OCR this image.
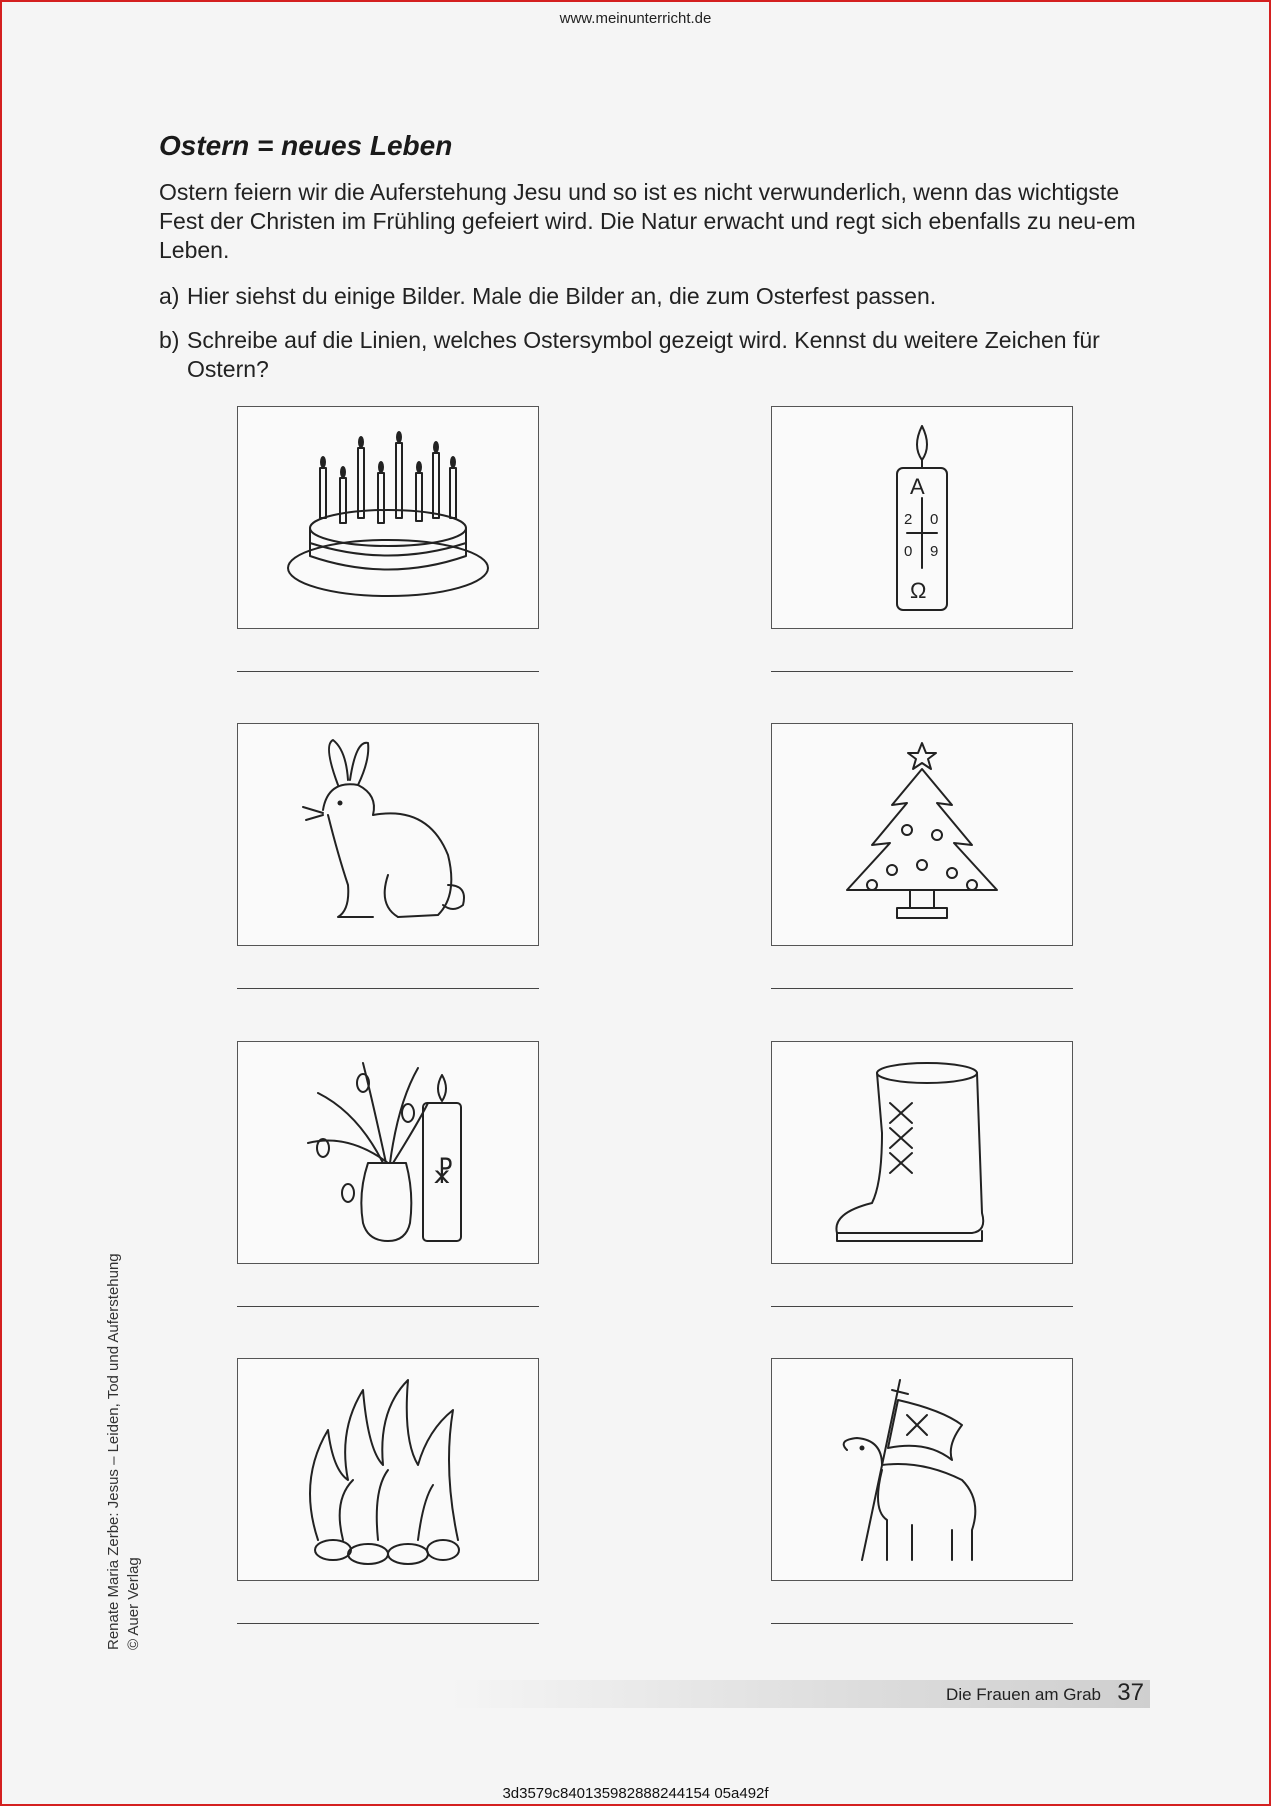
www.meinunterricht.de
Ostern = neues Leben
Ostern feiern wir die Auferstehung Jesu und so ist es nicht verwunderlich, wenn das wichtigste Fest der Christen im Frühling gefeiert wird. Die Natur erwacht und regt sich ebenfalls zu neu-em Leben.
a) Hier siehst du einige Bilder. Male die Bilder an, die zum Osterfest passen.
b) Schreibe auf die Linien, welches Ostersymbol gezeigt wird. Kennst du weitere Zeichen für Ostern?
A
2 0
0 9
Ω
☧
Renate Maria Zerbe: Jesus – Leiden, Tod und Auferstehung © Auer Verlag
Die Frauen am Grab 37
3d3579c840135982888244154 05a492f
